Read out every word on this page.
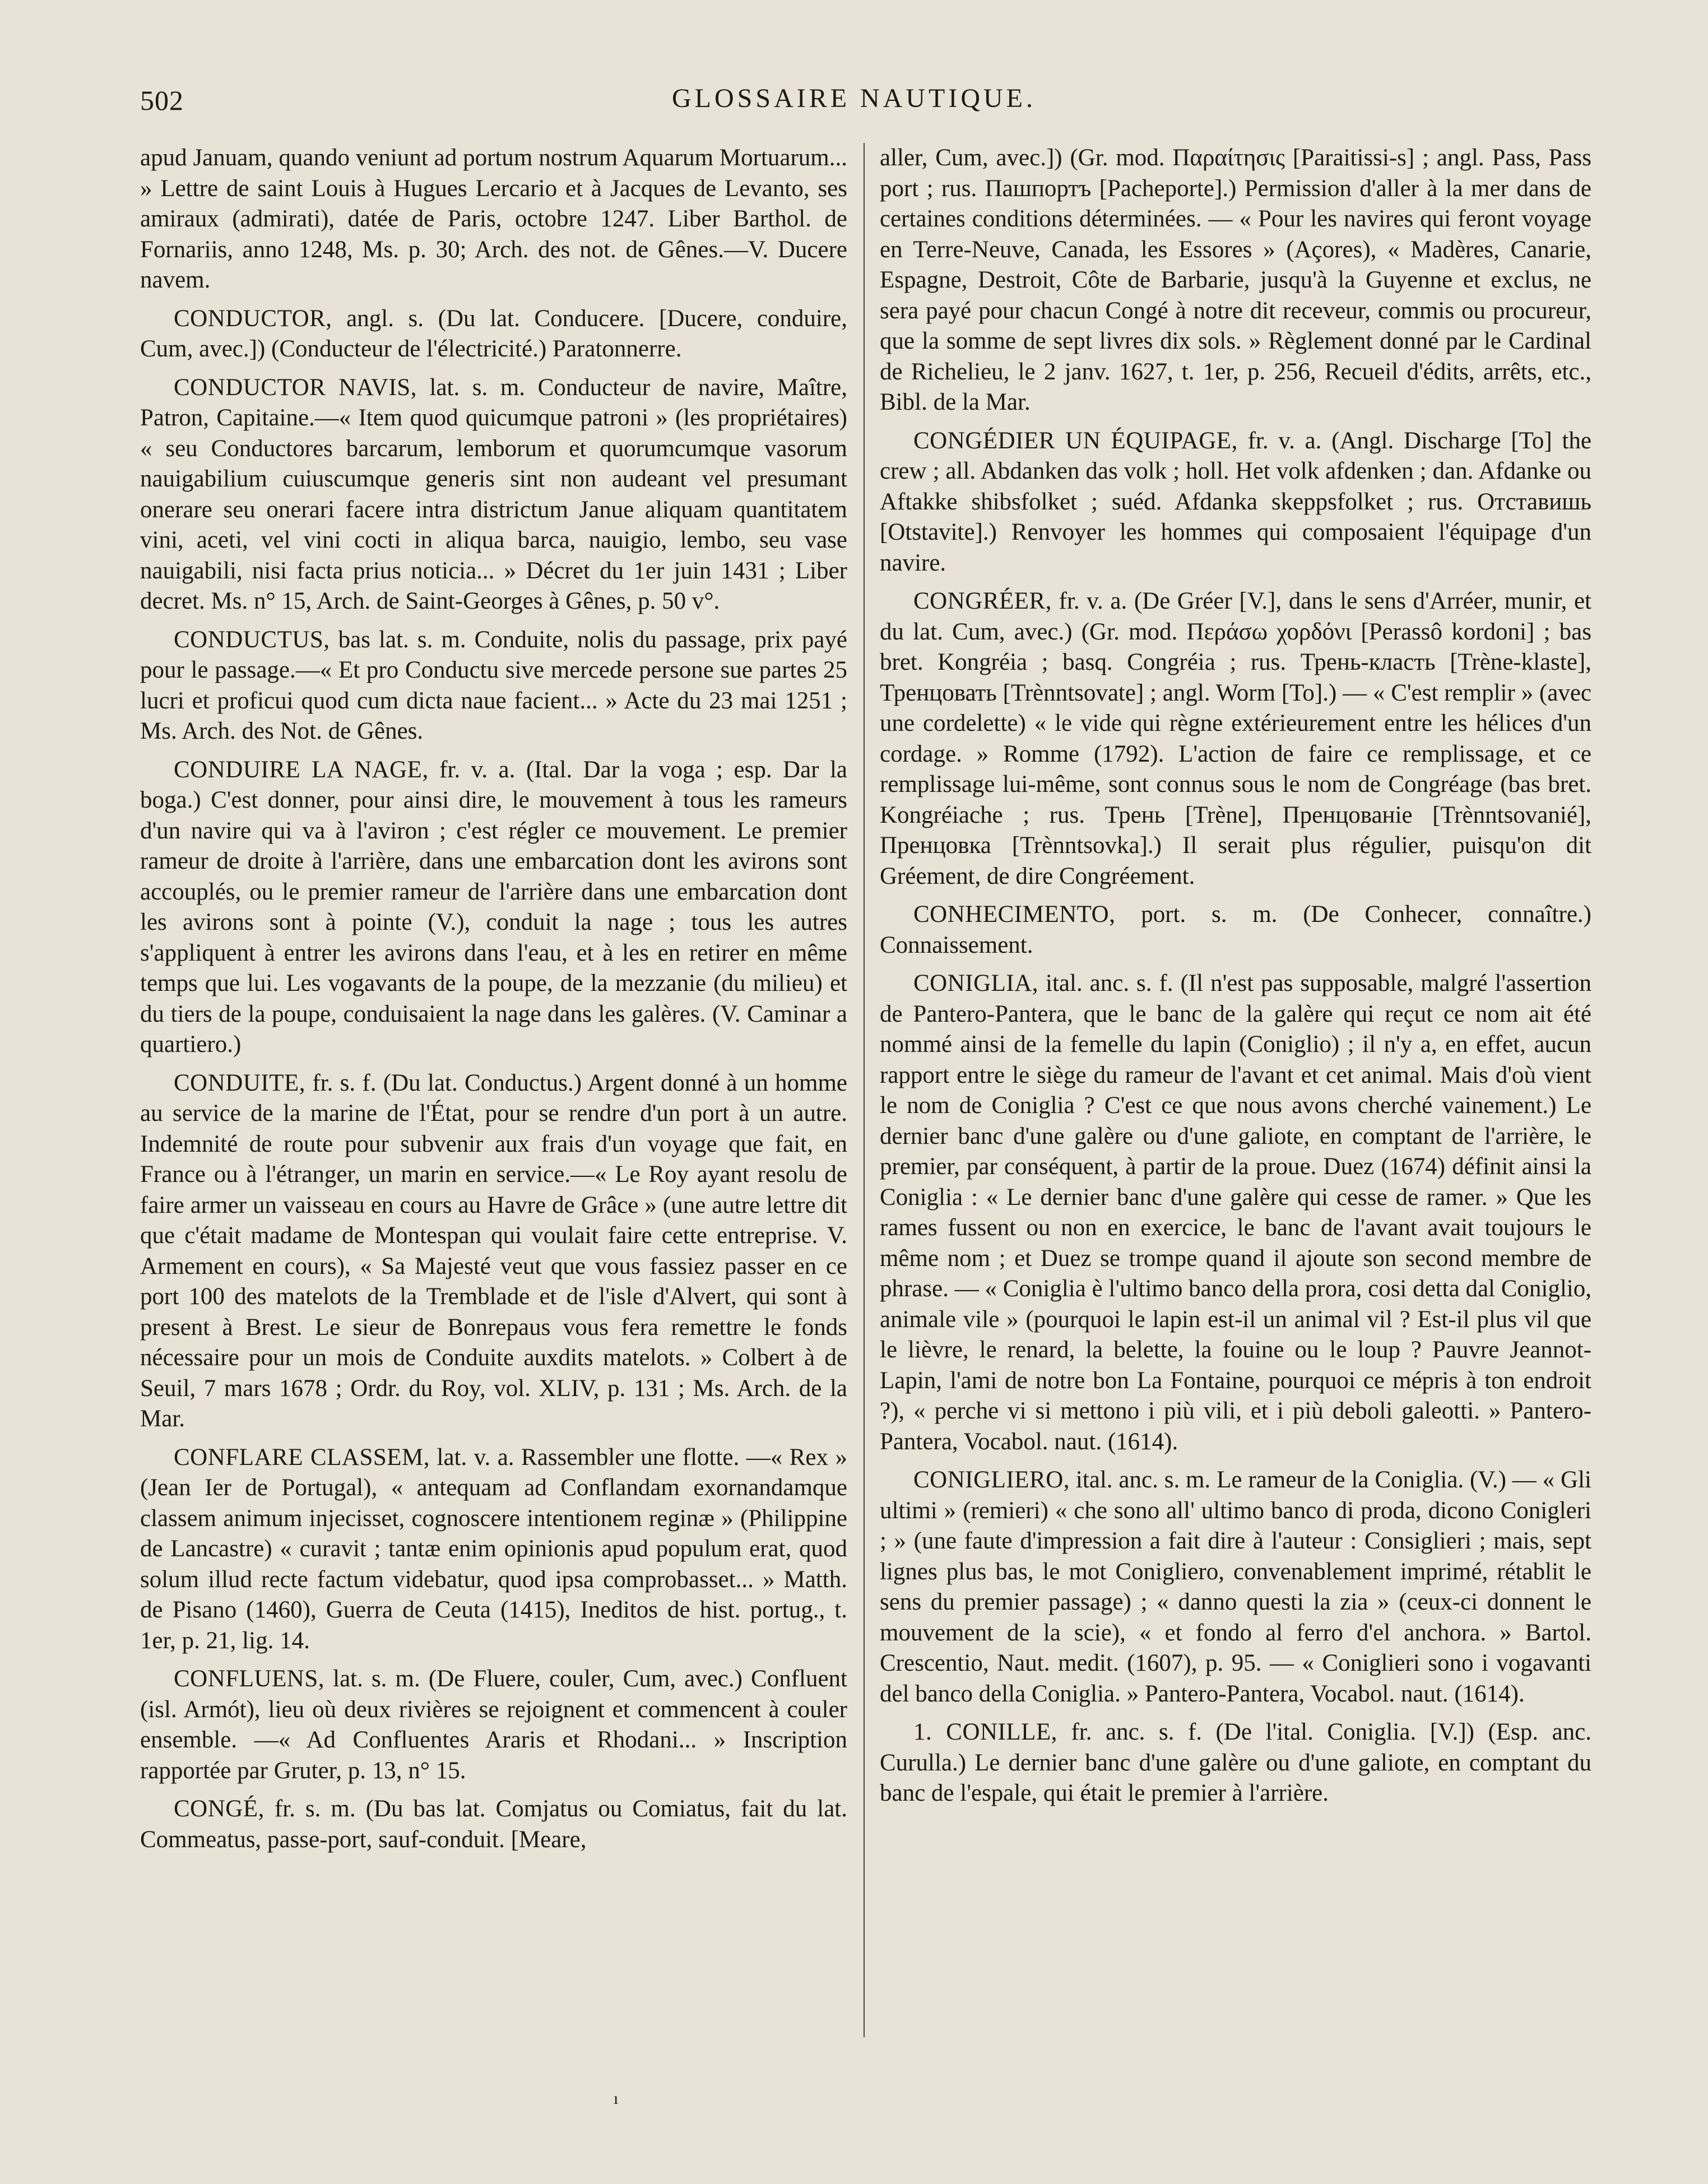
502	GLOSSAIRE NAUTIQUE.

apud Januam, quando veniunt ad portum nostrum Aquarum Mortuarum... » Lettre de saint Louis à Hugues Lercario et à Jacques de Levanto, ses amiraux (admirati), datée de Paris, octobre 1247. Liber Barthol. de Fornariis, anno 1248, Ms. p. 30; Arch. des not. de Gênes.—V. Ducere navem.

CONDUCTOR, angl. s. (Du lat. Conducere. [Ducere, conduire, Cum, avec.]) (Conducteur de l'électricité.) Paratonnerre.

CONDUCTOR NAVIS, lat. s. m. Conducteur de navire, Maître, Patron, Capitaine.—« Item quod quicumque patroni » (les propriétaires) « seu Conductores barcarum, lemborum et quorumcumque vasorum nauigabilium cuiuscumque generis sint non audeant vel presumant onerare seu onerari facere intra districtum Janue aliquam quantitatem vini, aceti, vel vini cocti in aliqua barca, nauigio, lembo, seu vase nauigabili, nisi facta prius noticia... » Décret du 1er juin 1431 ; Liber decret. Ms. n° 15, Arch. de Saint-Georges à Gênes, p. 50 v°.

CONDUCTUS, bas lat. s. m. Conduite, nolis du passage, prix payé pour le passage.—« Et pro Conductu sive mercede persone sue partes 25 lucri et proficui quod cum dicta naue facient... » Acte du 23 mai 1251 ; Ms. Arch. des Not. de Gênes.

CONDUIRE LA NAGE, fr. v. a. (Ital. Dar la voga ; esp. Dar la boga.) C'est donner, pour ainsi dire, le mouvement à tous les rameurs d'un navire qui va à l'aviron ; c'est régler ce mouvement. Le premier rameur de droite à l'arrière, dans une embarcation dont les avirons sont accouplés, ou le premier rameur de l'arrière dans une embarcation dont les avirons sont à pointe (V.), conduit la nage ; tous les autres s'appliquent à entrer les avirons dans l'eau, et à les en retirer en même temps que lui. Les vogavants de la poupe, de la mezzanie (du milieu) et du tiers de la poupe, conduisaient la nage dans les galères. (V. Caminar a quartiero.)

CONDUITE, fr. s. f. (Du lat. Conductus.) Argent donné à un homme au service de la marine de l'État, pour se rendre d'un port à un autre. Indemnité de route pour subvenir aux frais d'un voyage que fait, en France ou à l'étranger, un marin en service.—« Le Roy ayant resolu de faire armer un vaisseau en cours au Havre de Grâce » (une autre lettre dit que c'était madame de Montespan qui voulait faire cette entreprise. V. Armement en cours), « Sa Majesté veut que vous fassiez passer en ce port 100 des matelots de la Tremblade et de l'isle d'Alvert, qui sont à present à Brest. Le sieur de Bonrepaus vous fera remettre le fonds nécessaire pour un mois de Conduite auxdits matelots. » Colbert à de Seuil, 7 mars 1678 ; Ordr. du Roy, vol. XLIV, p. 131 ; Ms. Arch. de la Mar.

CONFLARE CLASSEM, lat. v. a. Rassembler une flotte. —« Rex » (Jean Ier de Portugal), « antequam ad Conflandam exornandamque classem animum injecisset, cognoscere intentionem reginæ » (Philippine de Lancastre) « curavit ; tantæ enim opinionis apud populum erat, quod solum illud recte factum videbatur, quod ipsa comprobasset... » Matth. de Pisano (1460), Guerra de Ceuta (1415), Ineditos de hist. portug., t. 1er, p. 21, lig. 14.

CONFLUENS, lat. s. m. (De Fluere, couler, Cum, avec.) Confluent (isl. Armót), lieu où deux rivières se rejoignent et commencent à couler ensemble. —« Ad Confluentes Araris et Rhodani... » Inscription rapportée par Gruter, p. 13, n° 15.

CONGÉ, fr. s. m. (Du bas lat. Comjatus ou Comiatus, fait du lat. Commeatus, passe-port, sauf-conduit. [Meare,

aller, Cum, avec.]) (Gr. mod. Παραίτησις [Paraitissi-s] ; angl. Pass, Pass port ; rus. Пашпортъ [Pacheporte].) Permission d'aller à la mer dans de certaines conditions déterminées. — « Pour les navires qui feront voyage en Terre-Neuve, Canada, les Essores » (Açores), « Madères, Canarie, Espagne, Destroit, Côte de Barbarie, jusqu'à la Guyenne et exclus, ne sera payé pour chacun Congé à notre dit receveur, commis ou procureur, que la somme de sept livres dix sols. » Règlement donné par le Cardinal de Richelieu, le 2 janv. 1627, t. 1er, p. 256, Recueil d'édits, arrêts, etc., Bibl. de la Mar.

CONGÉDIER UN ÉQUIPAGE, fr. v. a. (Angl. Discharge [To] the crew ; all. Abdanken das volk ; holl. Het volk afdenken ; dan. Afdanke ou Aftakke shibsfolket ; suéd. Afdanka skeppsfolket ; rus. Отставишь [Otstavite].) Renvoyer les hommes qui composaient l'équipage d'un navire.

CONGRÉER, fr. v. a. (De Gréer [V.], dans le sens d'Arréer, munir, et du lat. Cum, avec.) (Gr. mod. Περάσω χορδόνι [Perassô kordoni] ; bas bret. Kongréia ; basq. Congréia ; rus. Трень-класть [Trène-klaste], Тренцовать [Trènntsovate] ; angl. Worm [To].) — « C'est remplir » (avec une cordelette) « le vide qui règne extérieurement entre les hélices d'un cordage. » Romme (1792). L'action de faire ce remplissage, et ce remplissage lui-même, sont connus sous le nom de Congréage (bas bret. Kongréiache ; rus. Трень [Trène], Пренцованіе [Trènntsovanié], Пренцовка [Trènntsovka].) Il serait plus régulier, puisqu'on dit Gréement, de dire Congréement.

CONHECIMENTO, port. s. m. (De Conhecer, connaître.) Connaissement.

CONIGLIA, ital. anc. s. f. (Il n'est pas supposable, malgré l'assertion de Pantero-Pantera, que le banc de la galère qui reçut ce nom ait été nommé ainsi de la femelle du lapin (Coniglio) ; il n'y a, en effet, aucun rapport entre le siège du rameur de l'avant et cet animal. Mais d'où vient le nom de Coniglia ? C'est ce que nous avons cherché vainement.) Le dernier banc d'une galère ou d'une galiote, en comptant de l'arrière, le premier, par conséquent, à partir de la proue. Duez (1674) définit ainsi la Coniglia : « Le dernier banc d'une galère qui cesse de ramer. » Que les rames fussent ou non en exercice, le banc de l'avant avait toujours le même nom ; et Duez se trompe quand il ajoute son second membre de phrase. — « Coniglia è l'ultimo banco della prora, cosi detta dal Coniglio, animale vile » (pourquoi le lapin est-il un animal vil ? Est-il plus vil que le lièvre, le renard, la belette, la fouine ou le loup ? Pauvre Jeannot-Lapin, l'ami de notre bon La Fontaine, pourquoi ce mépris à ton endroit ?), « perche vi si mettono i più vili, et i più deboli galeotti. » Pantero-Pantera, Vocabol. naut. (1614).

CONIGLIERO, ital. anc. s. m. Le rameur de la Coniglia. (V.) — « Gli ultimi » (remieri) « che sono all' ultimo banco di proda, dicono Conigleri ; » (une faute d'impression a fait dire à l'auteur : Consiglieri ; mais, sept lignes plus bas, le mot Conigliero, convenablement imprimé, rétablit le sens du premier passage) ; « danno questi la zia » (ceux-ci donnent le mouvement de la scie), « et fondo al ferro d'el anchora. » Bartol. Crescentio, Naut. medit. (1607), p. 95. — « Coniglieri sono i vogavanti del banco della Coniglia. » Pantero-Pantera, Vocabol. naut. (1614).

1. CONILLE, fr. anc. s. f. (De l'ital. Coniglia. [V.]) (Esp. anc. Curulla.) Le dernier banc d'une galère ou d'une galiote, en comptant du banc de l'espale, qui était le premier à l'arrière.

ı
